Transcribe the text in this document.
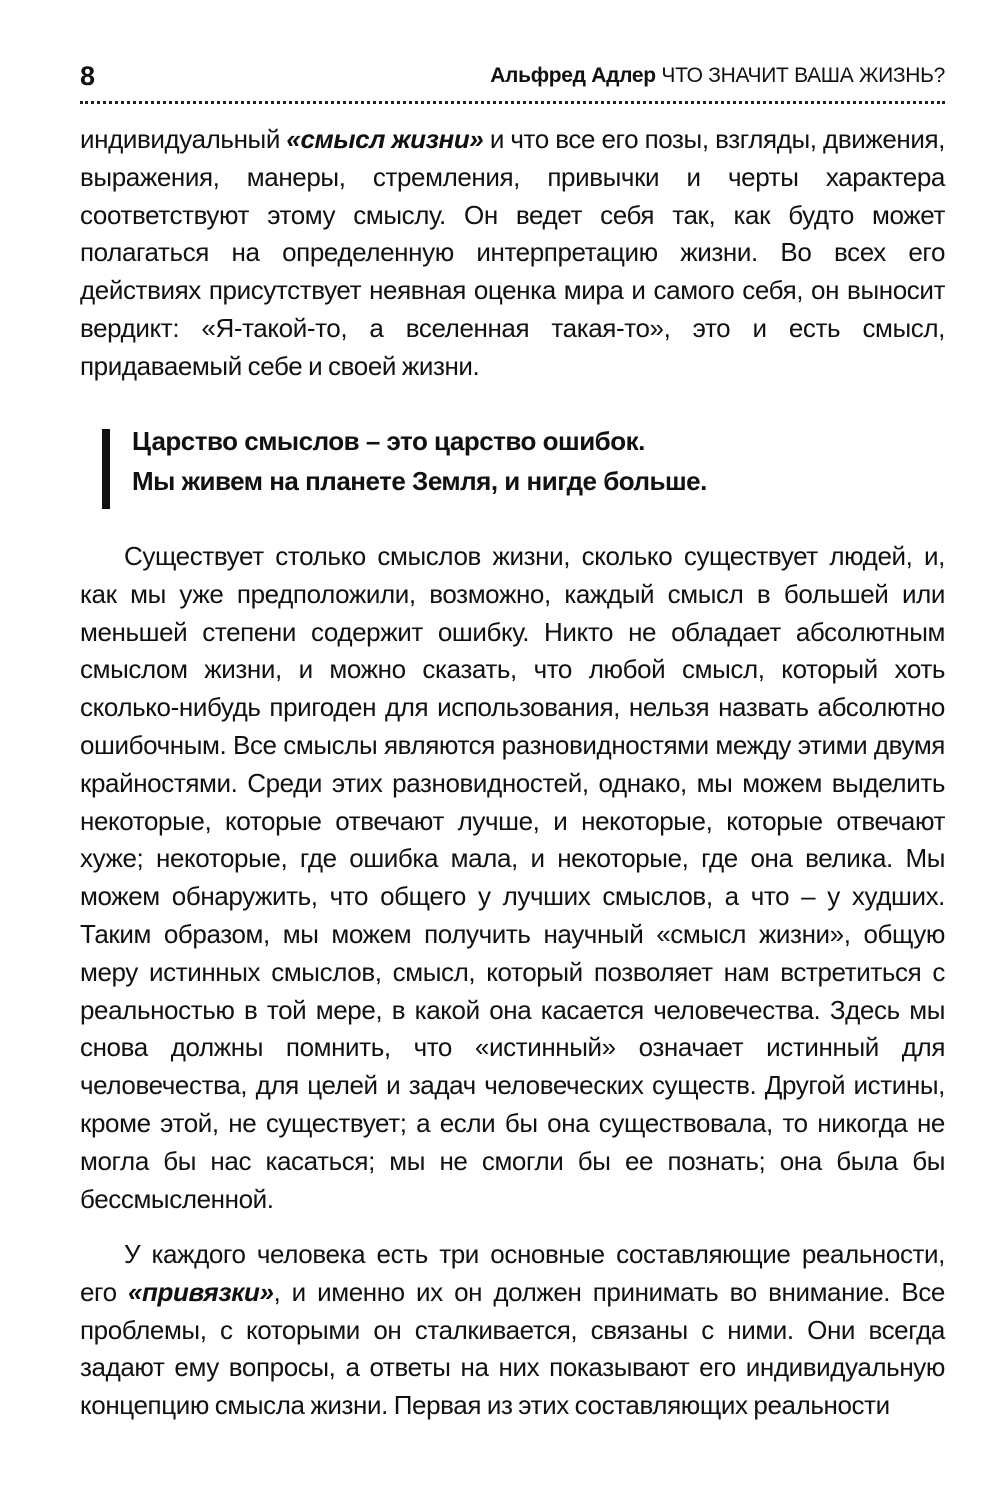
8	Альфред Адлер ЧТО ЗНАЧИТ ВАША ЖИЗНЬ?

индивидуальный «смысл жизни» и что все его позы, взгляды, движения, выражения, манеры, стремления, привычки и черты характера соответствуют этому смыслу. Он ведет себя так, как будто может полагаться на определенную интерпретацию жизни. Во всех его действиях присутствует неявная оценка мира и самого себя, он выносит вердикт: «Я-такой-то, а вселенная такая-то», это и есть смысл, придаваемый себе и своей жизни.

Царство смыслов – это царство ошибок.
Мы живем на планете Земля, и нигде больше.

Существует столько смыслов жизни, сколько существует людей, и, как мы уже предположили, возможно, каждый смысл в большей или меньшей степени содержит ошибку. Никто не обладает абсолютным смыслом жизни, и можно сказать, что любой смысл, который хоть сколько-нибудь пригоден для использования, нельзя назвать абсолютно ошибочным. Все смыслы являются разновидностями между этими двумя крайностями. Среди этих разновидностей, однако, мы можем выделить некоторые, которые отвечают лучше, и некоторые, которые отвечают хуже; некоторые, где ошибка мала, и некоторые, где она велика. Мы можем обнаружить, что общего у лучших смыслов, а что – у худших. Таким образом, мы можем получить научный «смысл жизни», общую меру истинных смыслов, смысл, который позволяет нам встретиться с реальностью в той мере, в какой она касается человечества. Здесь мы снова должны помнить, что «истинный» означает истинный для человечества, для целей и задач человеческих существ. Другой истины, кроме этой, не существует; а если бы она существовала, то никогда не могла бы нас касаться; мы не смогли бы ее познать; она была бы бессмысленной.

У каждого человека есть три основные составляющие реальности, его «привязки», и именно их он должен принимать во внимание. Все проблемы, с которыми он сталкивается, связаны с ними. Они всегда задают ему вопросы, а ответы на них показывают его индивидуальную концепцию смысла жизни. Первая из этих составляющих реальности
